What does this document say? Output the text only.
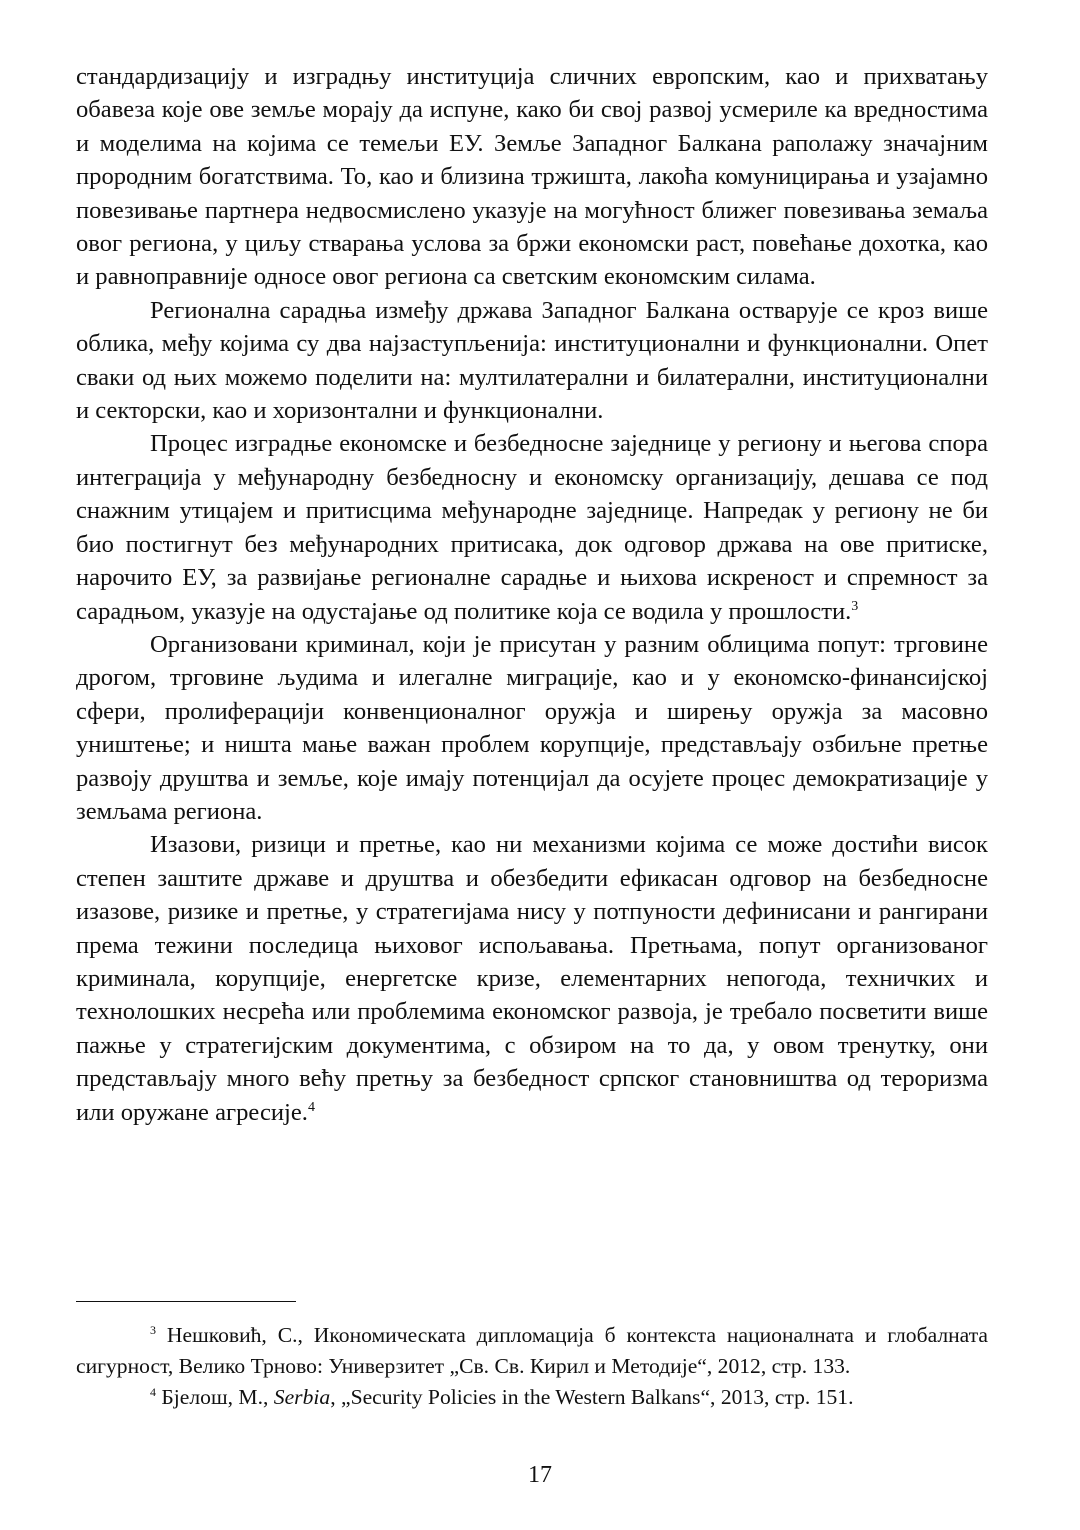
стандардизацију и изградњу институција сличних европским, као и прихватању обавеза које ове земље морају да испуне, како би свој развој усмериле ка вредностима и моделима на којима се темељи ЕУ. Земље Западног Балкана раполажу значајним прородним богатствима. То, као и близина тржишта, лакоћа комуницирања и узајамно повезивање партнера недвосмислено указује на могућност ближег повезивања земаља овог региона, у циљу стварања услова за бржи економски раст, повећање дохотка, као и равноправније односе овог региона са светским економским силама.

Регионална сарадња између држава Западног Балкана остварује се кроз више облика, међу којима су два најзаступљенија: институционални и функционални. Опет сваки од њих можемо поделити на: мултилатерални и билатерални, институционални и секторски, као и хоризонтални и функционални.

Процес изградње економске и безбедносне заједнице у региону и његова спора интеграција у међународну безбедносну и економску организацију, дешава се под снажним утицајем и притисцима међународне заједнице. Напредак у региону не би био постигнут без међународних притисака, док одговор држава на ове притиске, нарочито ЕУ, за развијање регионалне сарадње и њихова искреност и спремност за сарадњом, указује на одустајање од политике која се водила у прошлости.$^3$

Организовани криминал, који је присутан у разним облицима попут: трговине дрогом, трговине људима и илегалне миграције, као и у економско-финансијској сфери, пролиферацији конвенционалног оружја и ширењу оружја за масовно уништење; и ништа мање важан проблем корупције, представљају озбиљне претње развоју друштва и земље, које имају потенцијал да осујете процес демократизације у земљама региона.

Изазови, ризици и претње, као ни механизми којима се може достићи висок степен заштите државе и друштва и обезбедити ефикасан одговор на безбедносне изазове, ризике и претње, у стратегијама нису у потпуности дефинисани и рангирани према тежини последица њиховог испољавања. Претњама, попут организованог криминала, корупције, енергетске кризе, елементарних непогода, техничких и технолошких несрећа или проблемима економског развоја, је требало посветити више пажње у стратегијским документима, с обзиром на то да, у овом тренутку, они представљају много већу претњу за безбедност српског становништва од тероризма или оружане агресије.$^4$

$^3$ Нешковић, С., Икономическата дипломација б контекста националната и глобалната сигурност, Велико Трново: Универзитет „Св. Св. Кирил и Методије“, 2012, стр. 133.

$^4$ Бјелош, М., Serbia, „Security Policies in the Western Balkans“, 2013, стр. 151.

17
